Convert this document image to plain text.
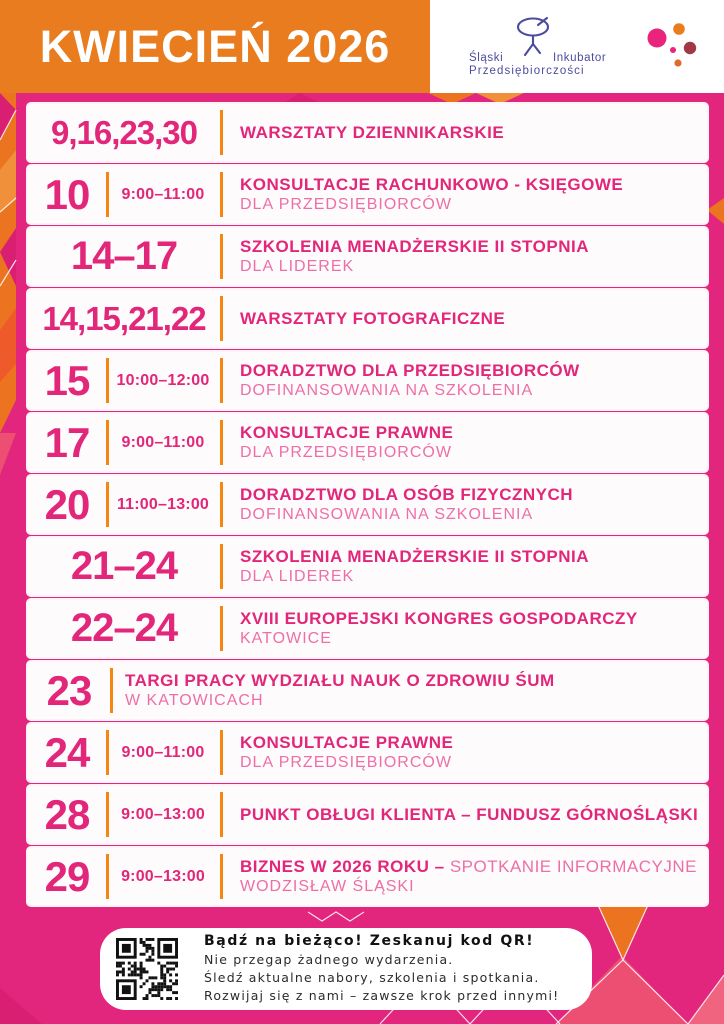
KWIECIEŃ 2026	Śląski	Inkubator
Przedsiębiorczości
9,16,23,30	WARSZTATY DZIENNIKARSKIE
10 9:00–11:00 KONSULTACJE RACHUNKOWO - KSIĘGOWE
DLA PRZEDSIĘBIORCÓW
14–17	SZKOLENIA MENADŻERSKIE II STOPNIA
DLA LIDEREK
14,15,21,22 WARSZTATY FOTOGRAFICZNE
15 10:00–12:00 DORADZTWO DLA PRZEDSIĘBIORCÓW
DOFINANSOWANIA NA SZKOLENIA
17 9:00–11:00 KONSULTACJE PRAWNE
DLA PRZEDSIĘBIORCÓW
20 11:00–13:00 DORADZTWO DLA OSÓB FIZYCZNYCH
DOFINANSOWANIA NA SZKOLENIA
21–24	SZKOLENIA MENADŻERSKIE II STOPNIA
DLA LIDEREK
22–24	XVIII EUROPEJSKI KONGRES GOSPODARCZY
KATOWICE
23 TARGI PRACY WYDZIAŁU NAUK O ZDROWIU ŚUM
W KATOWICACH
24 9:00–11:00 KONSULTACJE PRAWNE
DLA PRZEDSIĘBIORCÓW
28 9:00–13:00 PUNKT OBŁUGI KLIENTA – FUNDUSZ GÓRNOŚLĄSKI
29 9:00–13:00 BIZNES W 2026 ROKU – SPOTKANIE INFORMACYJNE
WODZISŁAW ŚLĄSKI
Bądź na bieżąco! Zeskanuj kod QR!
Nie przegap żadnego wydarzenia.
Śledź aktualne nabory, szkolenia i spotkania.
Rozwijaj się z nami – zawsze krok przed innymi!
